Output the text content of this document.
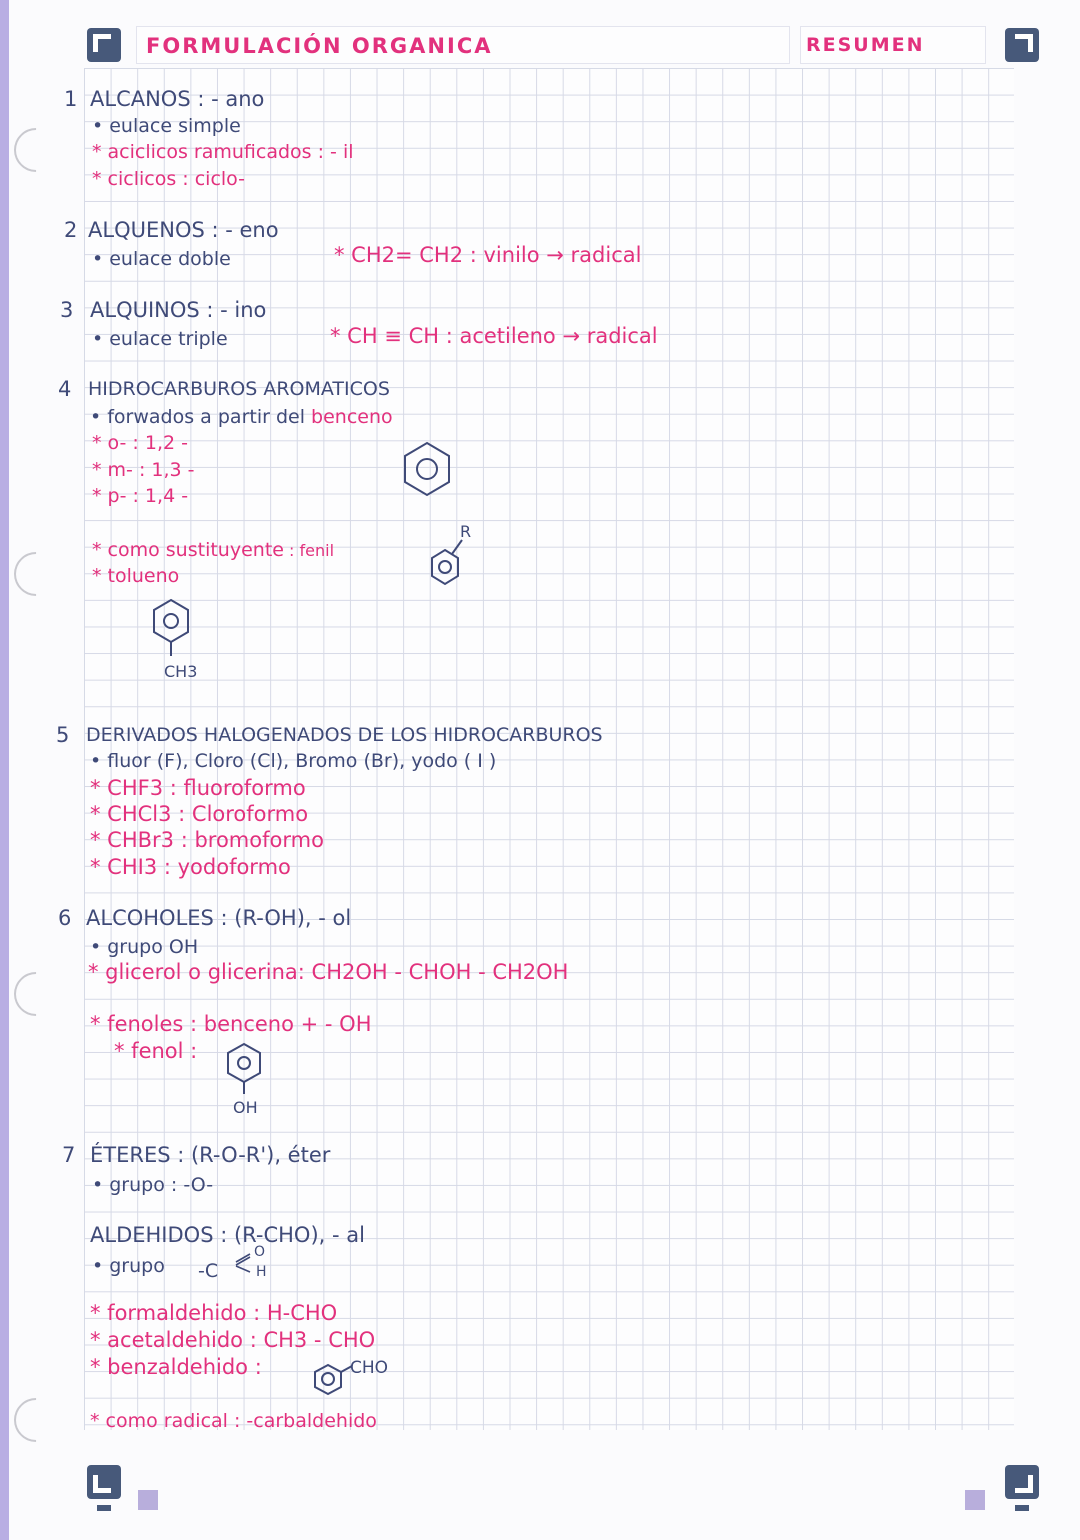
FORMULACIÓN ORGANICA	RESUMEN
1 ALCANOS : - ano
• eulace simple
* aciclicos ramuficados : - il
* ciclicos : ciclo-
2 ALQUENOS : - eno
• eulace doble	* CH2= CH2 : vinilo → radical
3 ALQUINOS : - ino
• eulace triple	* CH ≡ CH : acetileno → radical
4 HIDROCARBUROS AROMATICOS
• forwados a partir del benceno
* o- : 1,2 -
* m- : 1,3 -
* p- : 1,4 -
* como sustituyente : fenil
* tolueno
R
CH3
5 DERIVADOS HALOGENADOS DE LOS HIDROCARBUROS
• fluor (F), Cloro (Cl), Bromo (Br), yodo ( I )
* CHF3 : fluoroformo
* CHCl3 : Cloroformo
* CHBr3 : bromoformo
* CHI3 : yodoformo
6 ALCOHOLES : (R-OH), - ol
• grupo OH
* glicerol o glicerina: CH2OH - CHOH - CH2OH
* fenoles : benceno + - OH
* fenol :
OH
7 ÉTERES : (R-O-R'), éter
• grupo : -O-
ALDEHIDOS : (R-CHO), - al
• grupo -C
O
H
* formaldehido : H-CHO
* acetaldehido : CH3 - CHO
* benzaldehido :	CHO
* como radical : -carbaldehido
